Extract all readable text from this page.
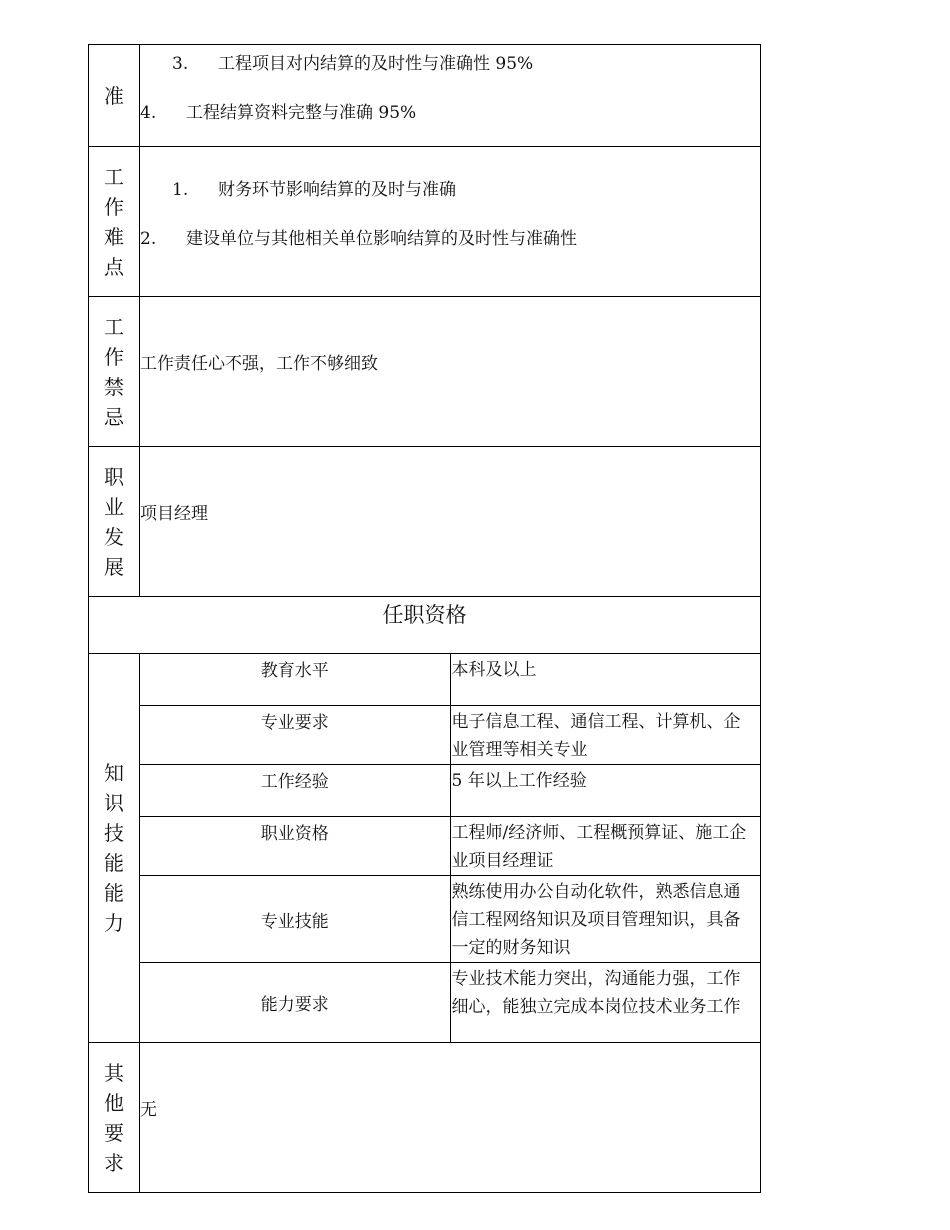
准	3. 工程项目对内结算的及时性与准确性 95%
4. 工程结算资料完整与准确 95%	

工作难点	1. 财务环节影响结算的及时与准确
2. 建设单位与其他相关单位影响结算的及时性与准确性	

工作禁忌	工作责任心不强，工作不够细致	

职业发展	项目经理	

任职资格		
知识技能能力	教育水平	本科及以上
	专业要求	电子信息工程、通信工程、计算机、企业管理等相关专业
	工作经验	5 年以上工作经验
	职业资格	工程师/经济师、工程概预算证、施工企业项目经理证
	专业技能	熟练使用办公自动化软件，熟悉信息通信工程网络知识及项目管理知识，具备一定的财务知识
	能力要求	专业技术能力突出，沟通能力强，工作细心，能独立完成本岗位技术业务工作
其他要求	无	
